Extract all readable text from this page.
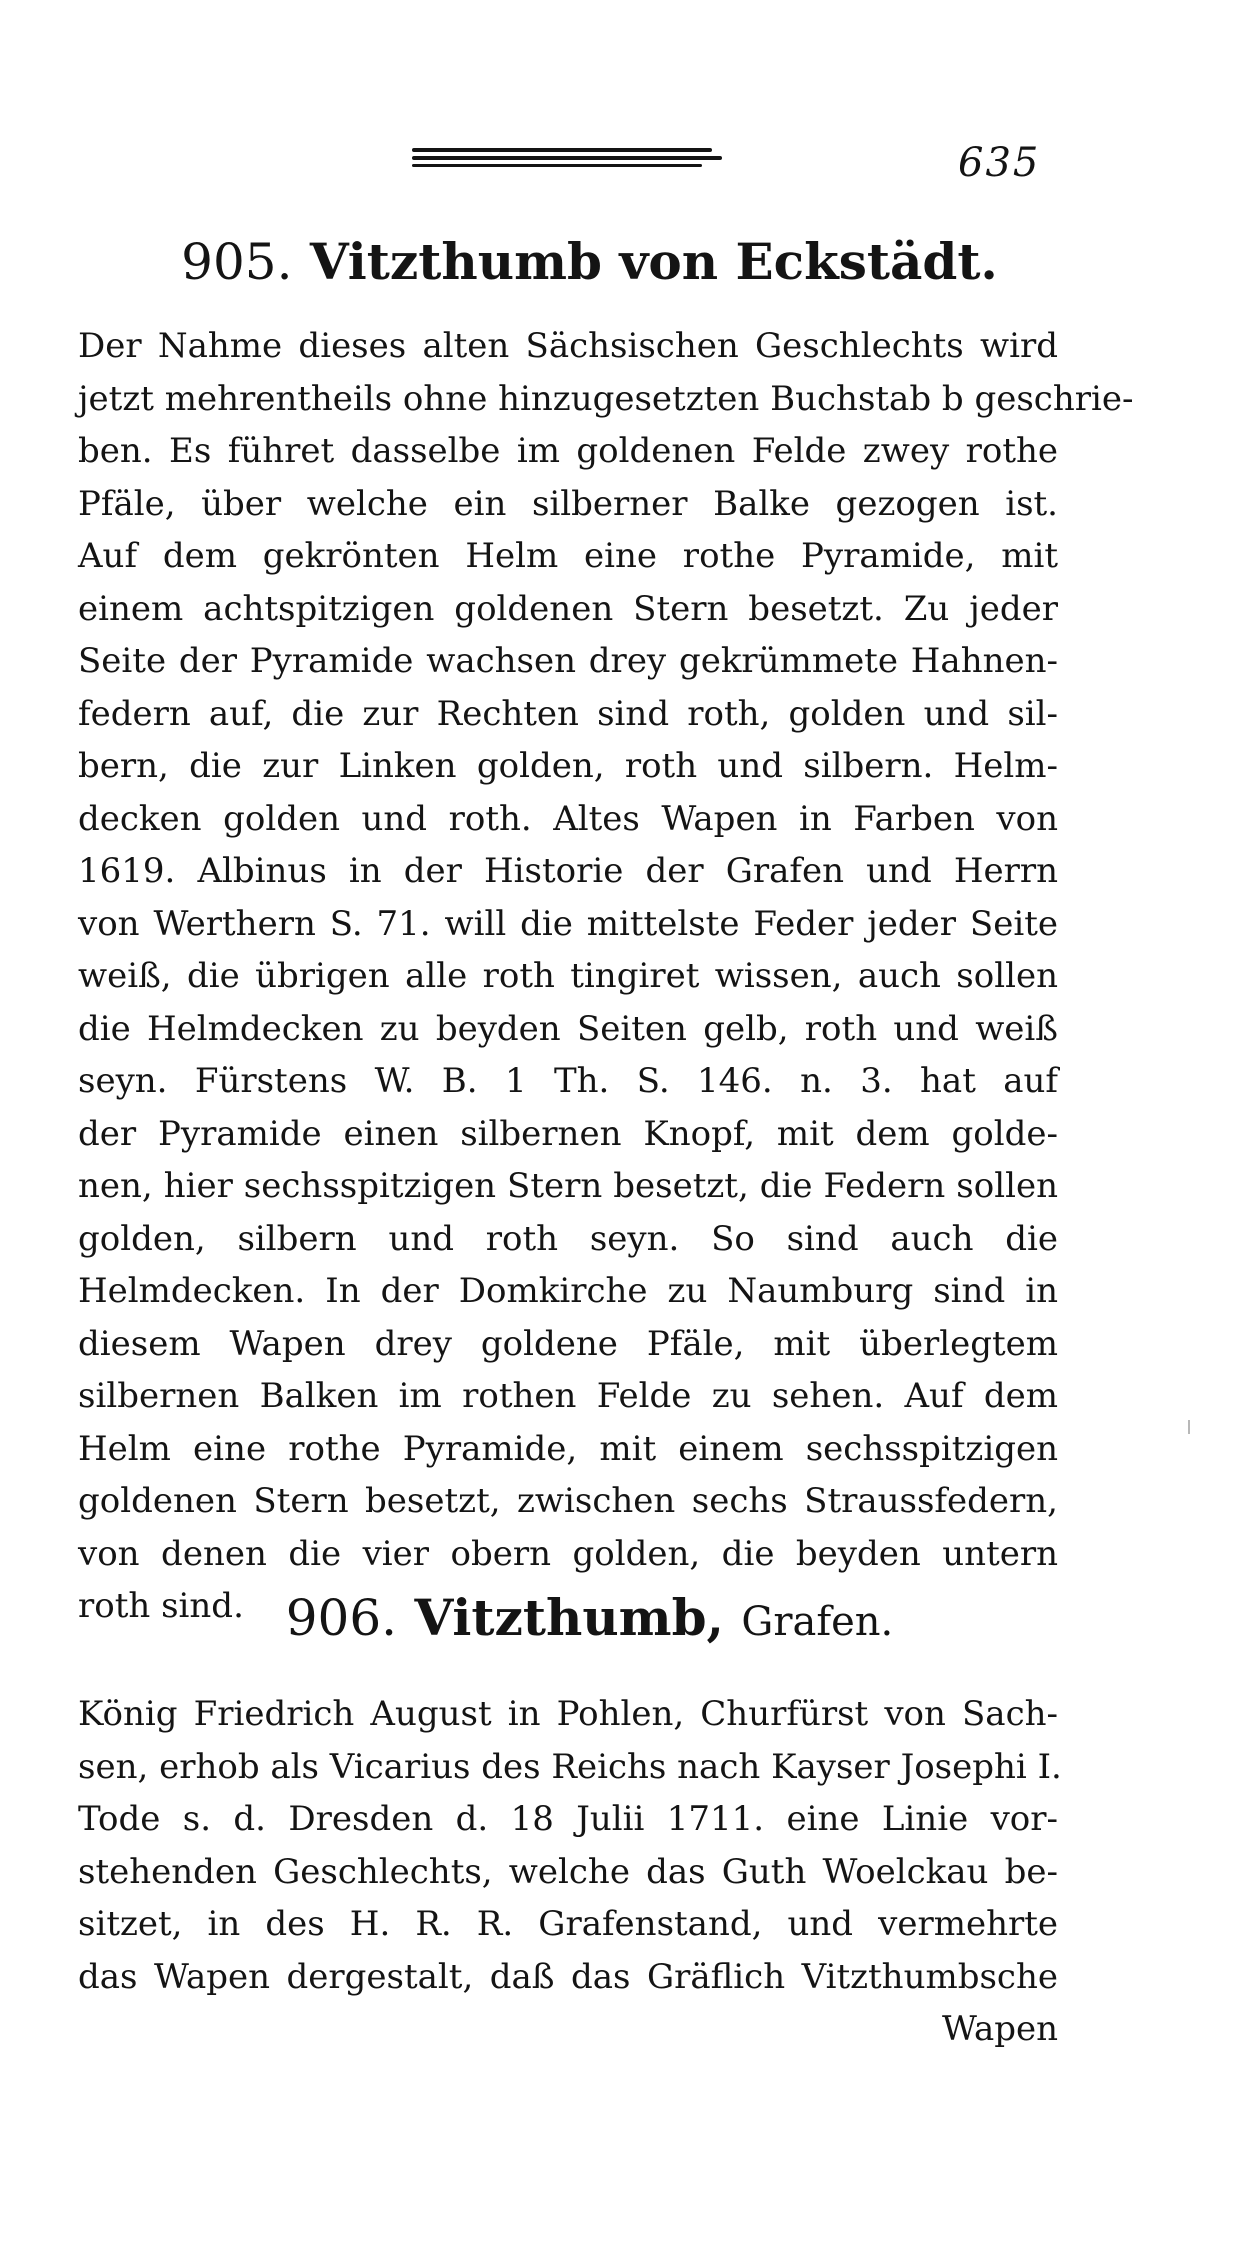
635
905. Vitzthumb von Eckstädt.
Der Nahme dieses alten Sächsischen Geschlechts wird
jetzt mehrentheils ohne hinzugesetzten Buchstab b geschrie-
ben. Es führet dasselbe im goldenen Felde zwey rothe
Pfäle, über welche ein silberner Balke gezogen ist.
Auf dem gekrönten Helm eine rothe Pyramide, mit
einem achtspitzigen goldenen Stern besetzt. Zu jeder
Seite der Pyramide wachsen drey gekrümmete Hahnen-
federn auf, die zur Rechten sind roth, golden und sil-
bern, die zur Linken golden, roth und silbern. Helm-
decken golden und roth. Altes Wapen in Farben von
1619. Albinus in der Historie der Grafen und Herrn
von Werthern S. 71. will die mittelste Feder jeder Seite
weiß, die übrigen alle roth tingiret wissen, auch sollen
die Helmdecken zu beyden Seiten gelb, roth und weiß
seyn. Fürstens W. B. 1 Th. S. 146. n. 3. hat auf
der Pyramide einen silbernen Knopf, mit dem golde-
nen, hier sechsspitzigen Stern besetzt, die Federn sollen
golden, silbern und roth seyn. So sind auch die
Helmdecken. In der Domkirche zu Naumburg sind in
diesem Wapen drey goldene Pfäle, mit überlegtem
silbernen Balken im rothen Felde zu sehen. Auf dem
Helm eine rothe Pyramide, mit einem sechsspitzigen
goldenen Stern besetzt, zwischen sechs Straussfedern,
von denen die vier obern golden, die beyden untern
roth sind. 906. Vitzthumb, Grafen.
König Friedrich August in Pohlen, Churfürst von Sach-
sen, erhob als Vicarius des Reichs nach Kayser Josephi I.
Tode s. d. Dresden d. 18 Julii 1711. eine Linie vor-
stehenden Geschlechts, welche das Guth Woelckau be-
sitzet, in des H. R. R. Grafenstand, und vermehrte
das Wapen dergestalt, daß das Gräflich Vitzthumbsche
Wapen
